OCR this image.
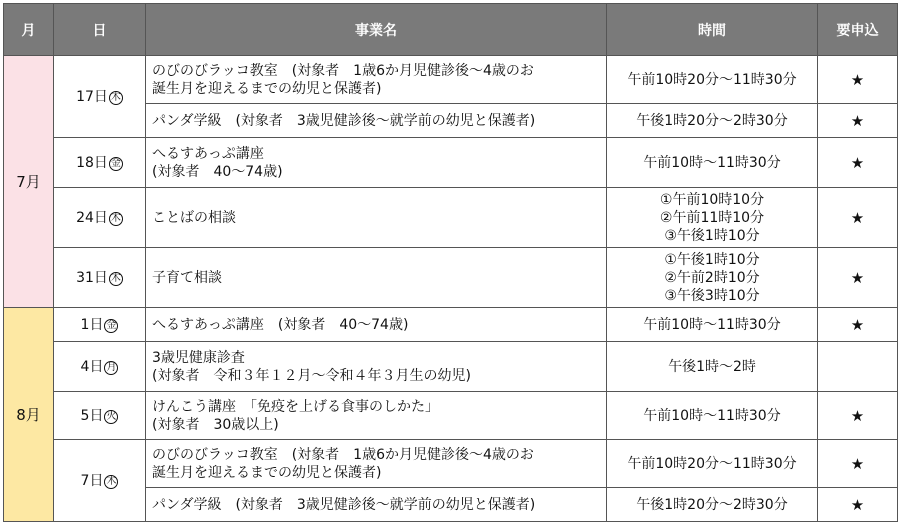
月	日	事業名	時間	要申込
7月	17日 木	のびのびラッコ教室　(対象者　1歳6か月児健診後〜4歳のお
誕生月を迎えるまでの幼児と保護者)	午前10時20分〜11時30分	★

		パンダ学級　(対象者　3歳児健診後〜就学前の幼児と保護者)	午後1時20分〜2時30分	★
	18日 金	へるすあっぷ講座
(対象者　40〜74歳)	午前10時〜11時30分	★
	24日 木	ことばの相談	①午前10時10分
②午前11時10分
③午後1時10分	★
	31日 木	子育て相談	①午後1時10分
②午前2時10分
③午後3時10分	★
8月	1日 金	へるすあっぷ講座　(対象者　40〜74歳)	午前10時〜11時30分	★
	4日 月	3歳児健康診査
(対象者　令和３年１２月〜令和４年３月生の幼児)	午後1時〜2時	

	5日 火	けんこう講座　「免疫を上げる食事のしかた」
(対象者　30歳以上)	午前10時〜11時30分	★
	7日 木	のびのびラッコ教室　(対象者　1歳6か月児健診後〜4歳のお
誕生月を迎えるまでの幼児と保護者)	午前10時20分〜11時30分	★

		パンダ学級　(対象者　3歳児健診後〜就学前の幼児と保護者)	午後1時20分〜2時30分	★
